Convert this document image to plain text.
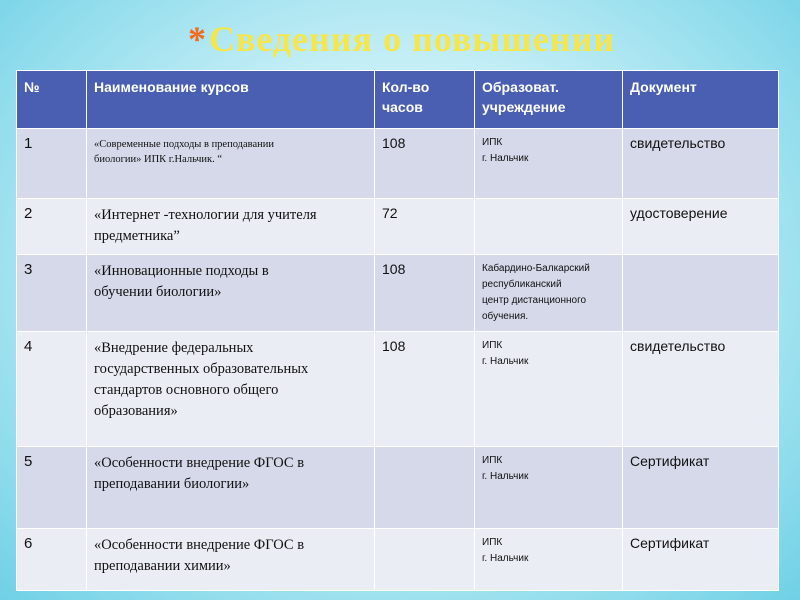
*Сведения о повышении
№	Наименование курсов	Кол-во
часов	Образоват.
учреждение	Документ
1	«Современные подходы в преподавании
биологии» ИПК г.Нальчик. “	108	ИПК
г. Нальчик	свидетельство
2	«Интернет -технологии для учителя
предметника”	72		удостоверение
3	«Инновационные подходы в
обучении биологии»	108	Кабардино-Балкарский
республиканский
центр дистанционного
обучения.	

4	«Внедрение федеральных
государственных образовательных
стандартов основного общего
образования»	108	ИПК
г. Нальчик	свидетельство
5	«Особенности внедрение ФГОС в
преподавании биологии»		ИПК
г. Нальчик	Сертификат
6	«Особенности внедрение ФГОС в
преподавании химии»		ИПК
г. Нальчик	Сертификат
